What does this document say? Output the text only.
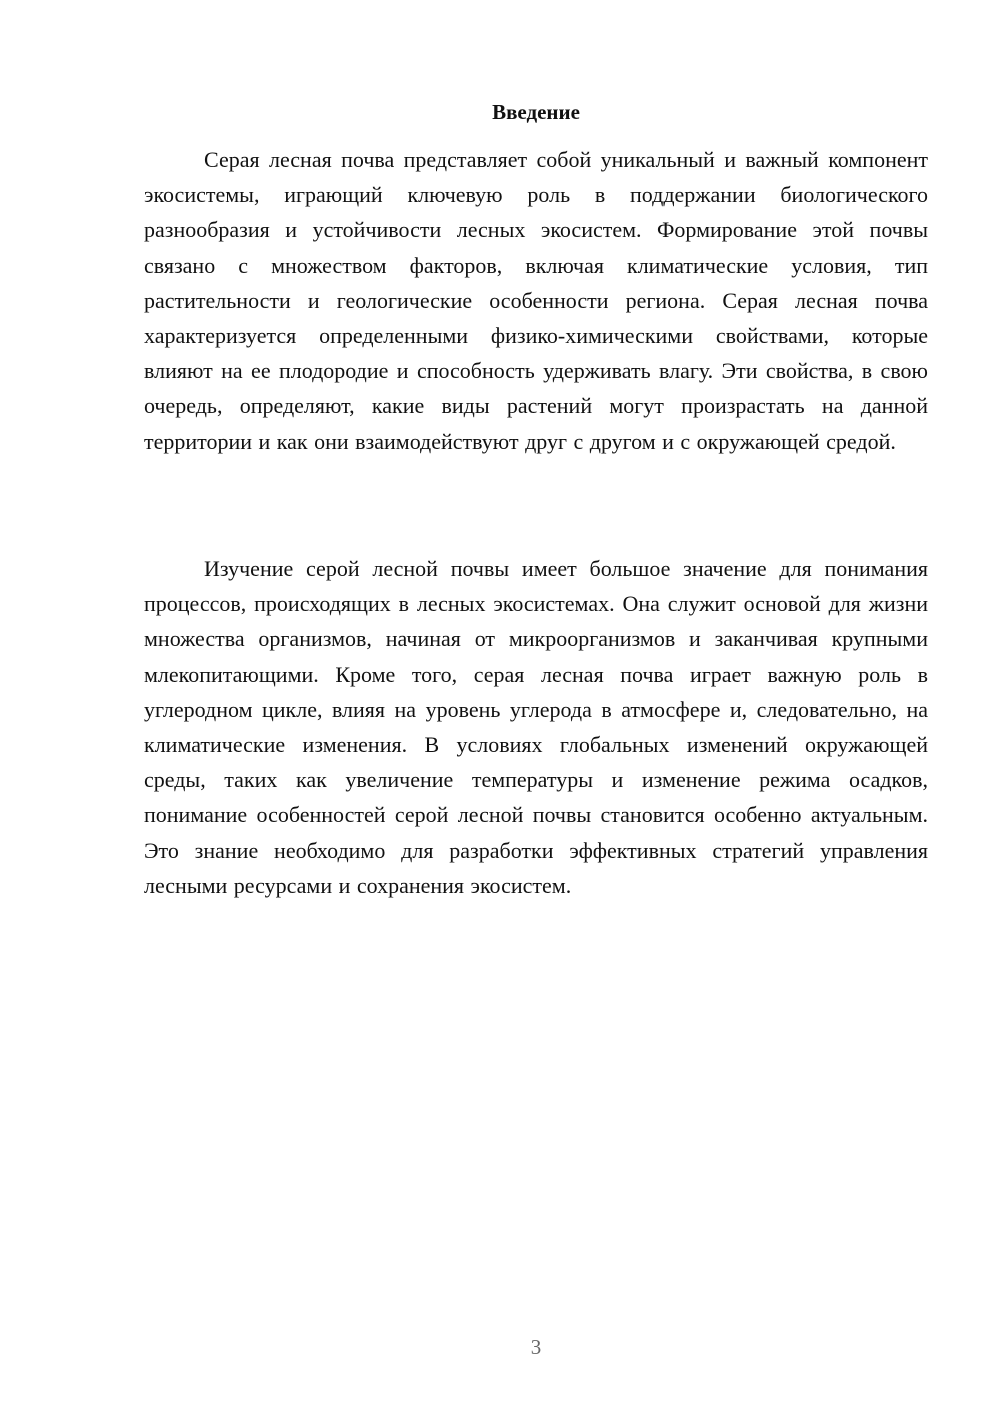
Введение

Серая лесная почва представляет собой уникальный и важный компонент экосистемы, играющий ключевую роль в поддержании биологического разнообразия и устойчивости лесных экосистем. Формирование этой почвы связано с множеством факторов, включая климатические условия, тип растительности и геологические особенности региона. Серая лесная почва характеризуется определенными физико-химическими свойствами, которые влияют на ее плодородие и способность удерживать влагу. Эти свойства, в свою очередь, определяют, какие виды растений могут произрастать на данной территории и как они взаимодействуют друг с другом и с окружающей средой.

Изучение серой лесной почвы имеет большое значение для понимания процессов, происходящих в лесных экосистемах. Она служит основой для жизни множества организмов, начиная от микроорганизмов и заканчивая крупными млекопитающими. Кроме того, серая лесная почва играет важную роль в углеродном цикле, влияя на уровень углерода в атмосфере и, следовательно, на климатические изменения. В условиях глобальных изменений окружающей среды, таких как увеличение температуры и изменение режима осадков, понимание особенностей серой лесной почвы становится особенно актуальным. Это знание необходимо для разработки эффективных стратегий управления лесными ресурсами и сохранения экосистем.

3
